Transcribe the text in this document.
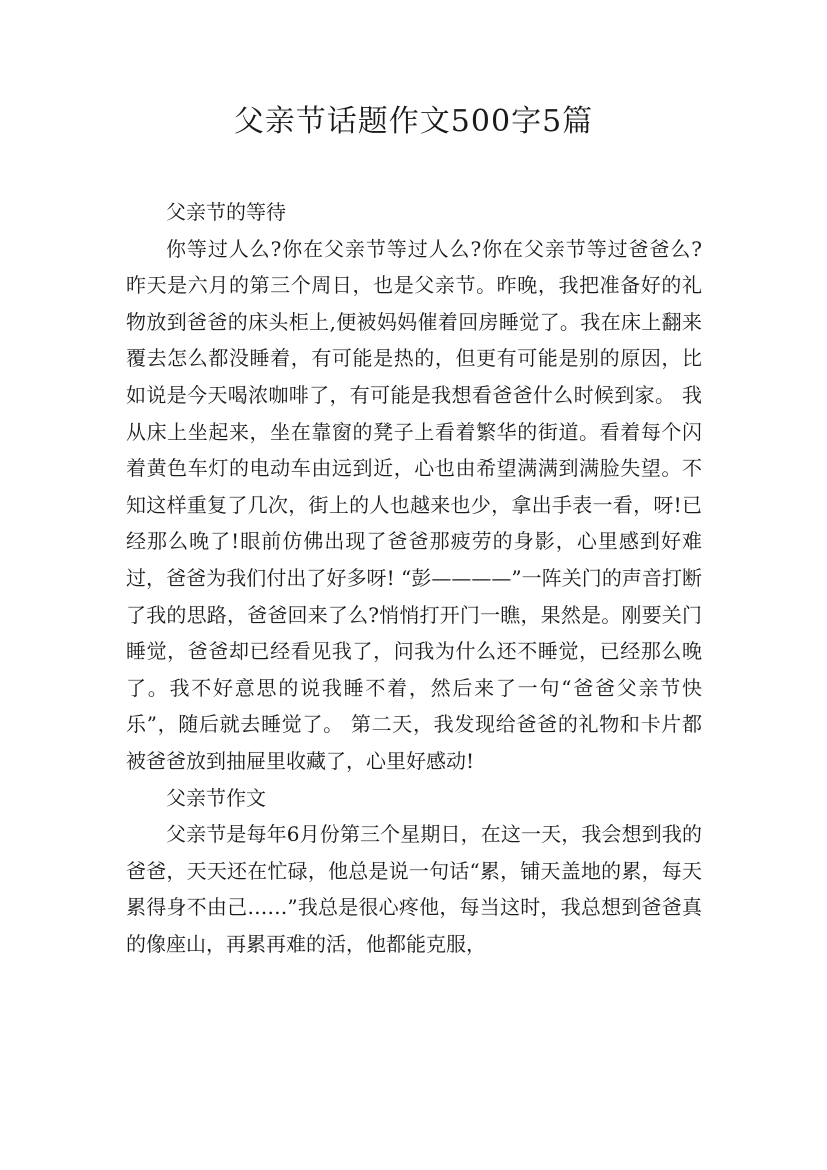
父亲节话题作文500字5篇

父亲节的等待

你等过人么?你在父亲节等过人么?你在父亲节等过爸爸么? 昨天是六月的第三个周日，也是父亲节。昨晚，我把准备好的礼物放到爸爸的床头柜上,便被妈妈催着回房睡觉了。我在床上翻来覆去怎么都没睡着，有可能是热的，但更有可能是别的原因，比如说是今天喝浓咖啡了，有可能是我想看爸爸什么时候到家。 我从床上坐起来，坐在靠窗的凳子上看着繁华的街道。看着每个闪着黄色车灯的电动车由远到近，心也由希望满满到满脸失望。不知这样重复了几次，街上的人也越来也少，拿出手表一看，呀!已经那么晚了!眼前仿佛出现了爸爸那疲劳的身影，心里感到好难过，爸爸为我们付出了好多呀! “彭————”一阵关门的声音打断了我的思路，爸爸回来了么?悄悄打开门一瞧，果然是。刚要关门睡觉，爸爸却已经看见我了，问我为什么还不睡觉，已经那么晚了。我不好意思的说我睡不着，然后来了一句“爸爸父亲节快乐”，随后就去睡觉了。 第二天，我发现给爸爸的礼物和卡片都被爸爸放到抽屉里收藏了，心里好感动!

父亲节作文

父亲节是每年6月份第三个星期日，在这一天，我会想到我的爸爸，天天还在忙碌，他总是说一句话“累，铺天盖地的累，每天累得身不由己……”我总是很心疼他，每当这时，我总想到爸爸真的像座山，再累再难的活，他都能克服，
